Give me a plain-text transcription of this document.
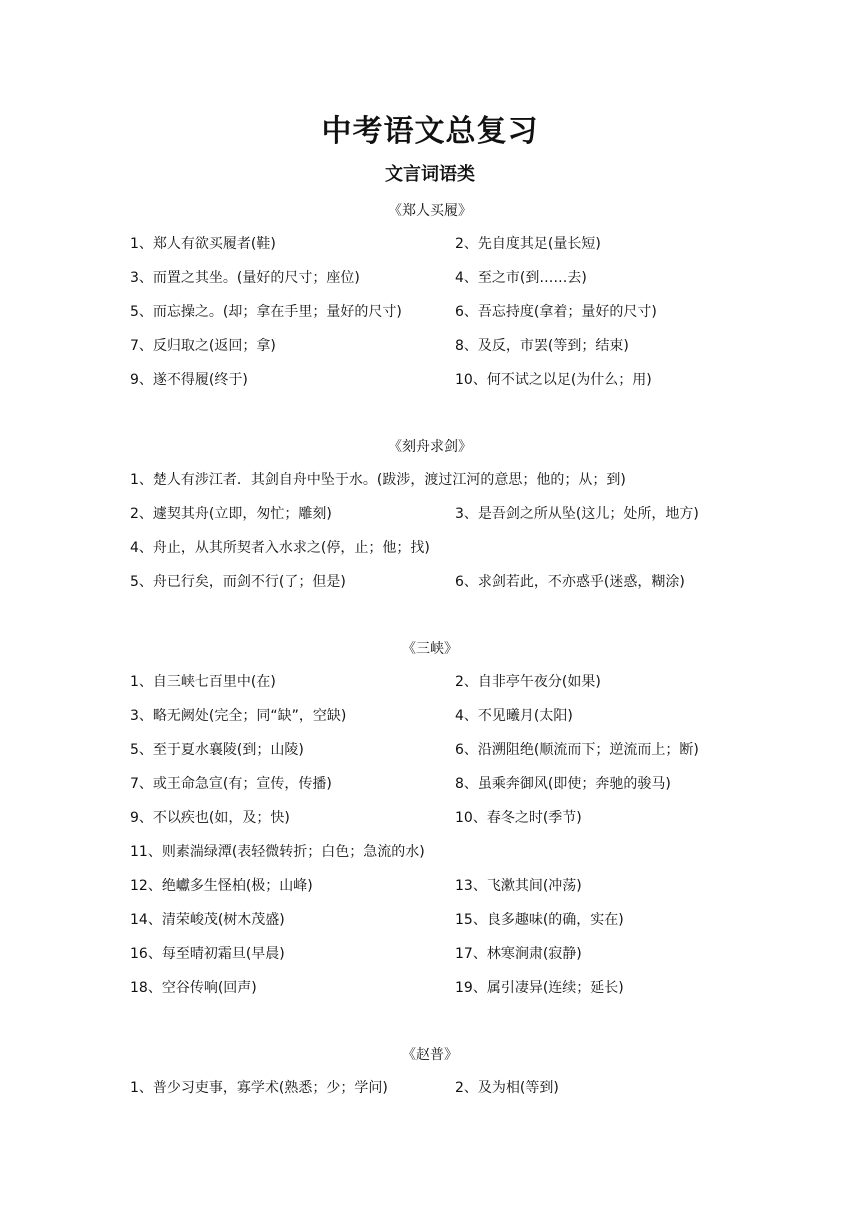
中考语文总复习
文言词语类
《郑人买履》
1、郑人有欲买履者(鞋)	2、先自度其足(量长短)
3、而置之其坐。(量好的尺寸；座位)	4、至之市(到……去)
5、而忘操之。(却；拿在手里；量好的尺寸)	6、吾忘持度(拿着；量好的尺寸)
7、反归取之(返回；拿)	8、及反，市罢(等到；结束)
9、遂不得履(终于)	10、何不试之以足(为什么；用)
《刻舟求剑》
1、楚人有涉江者．其剑自舟中坠于水。(跋涉，渡过江河的意思；他的；从；到)
2、遽契其舟(立即，匆忙；雕刻)	3、是吾剑之所从坠(这儿；处所，地方)
4、舟止，从其所契者入水求之(停，止；他；找)
5、舟已行矣，而剑不行(了；但是)	6、求剑若此，不亦惑乎(迷惑，糊涂)
《三峡》
1、自三峡七百里中(在)	2、自非亭午夜分(如果)
3、略无阙处(完全；同“缺”，空缺)	4、不见曦月(太阳)
5、至于夏水襄陵(到；山陵)	6、沿溯阻绝(顺流而下；逆流而上；断)
7、或王命急宣(有；宣传，传播)	8、虽乘奔御风(即使；奔驰的骏马)
9、不以疾也(如，及；快)	10、春冬之时(季节)
11、则素湍绿潭(表轻微转折；白色；急流的水)
12、绝巘多生怪柏(极；山峰)	13、飞漱其间(冲荡)
14、清荣峻茂(树木茂盛)	15、良多趣味(的确，实在)
16、每至晴初霜旦(早晨)	17、林寒涧肃(寂静)
18、空谷传响(回声)	19、属引凄异(连续；延长)
《赵普》
1、普少习吏事，寡学术(熟悉；少；学问)	2、及为相(等到)
